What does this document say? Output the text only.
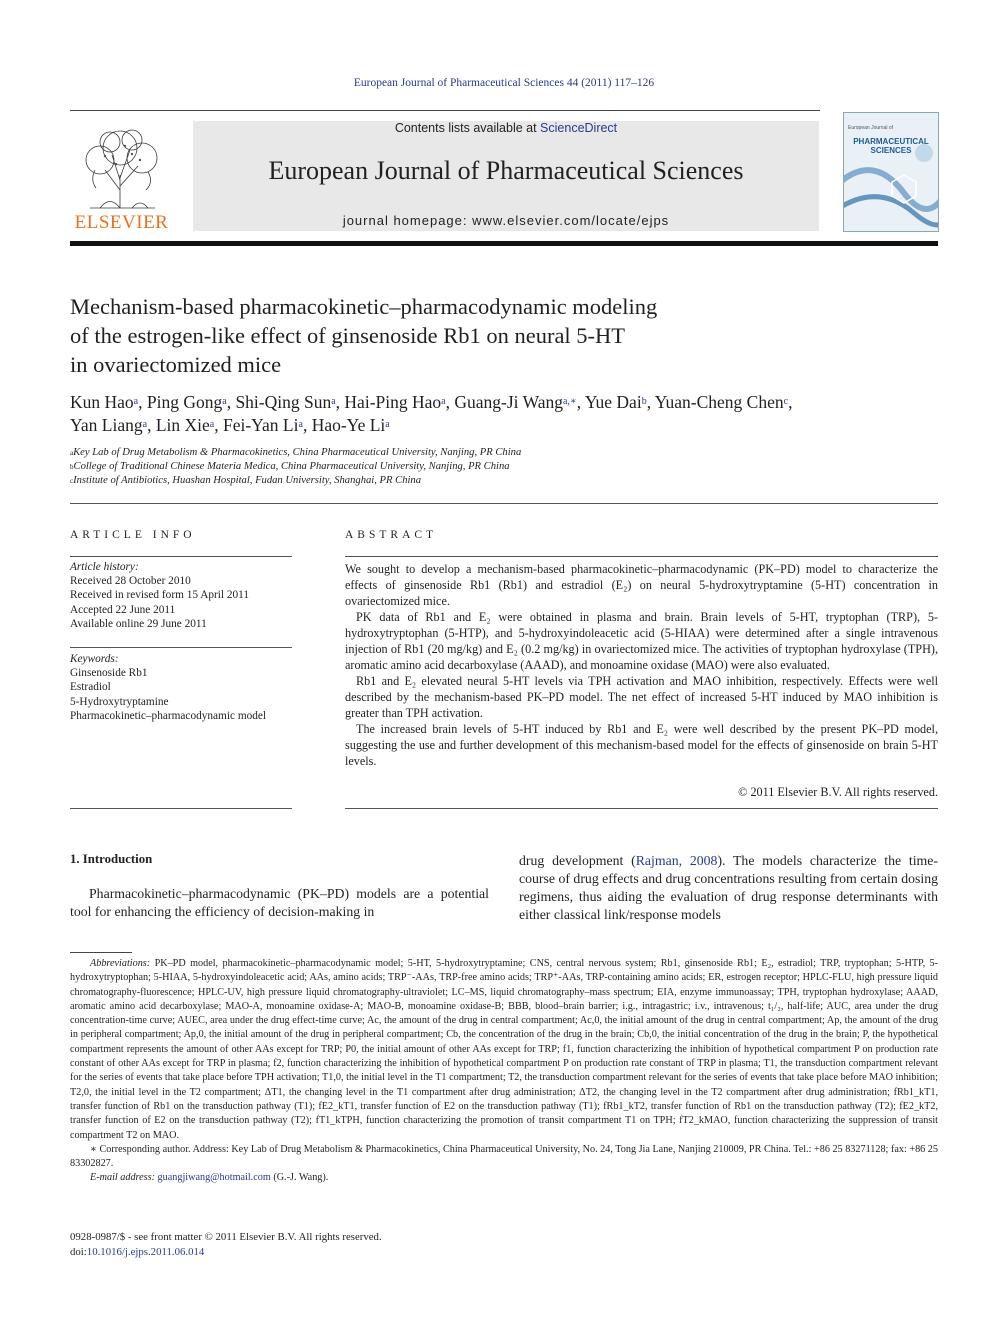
European Journal of Pharmaceutical Sciences 44 (2011) 117–126
ELSEVIER
Contents lists available at ScienceDirect
European Journal of Pharmaceutical Sciences
journal homepage: www.elsevier.com/locate/ejps
European Journal of
PHARMACEUTICAL
SCIENCES
Mechanism-based pharmacokinetic–pharmacodynamic modeling
of the estrogen-like effect of ginsenoside Rb1 on neural 5-HT
in ovariectomized mice
Kun Hao$^a$, Ping Gong$^a$, Shi-Qing Sun$^a$, Hai-Ping Hao$^a$, Guang-Ji Wang$^{a,∗}$, Yue Dai$^b$, Yuan-Cheng Chen$^c$,
Yan Liang$^a$, Lin Xie$^a$, Fei-Yan Li$^a$, Hao-Ye Li$^a$
$^a$Key Lab of Drug Metabolism & Pharmacokinetics, China Pharmaceutical University, Nanjing, PR China
$^b$College of Traditional Chinese Materia Medica, China Pharmaceutical University, Nanjing, PR China
$^c$Institute of Antibiotics, Huashan Hospital, Fudan University, Shanghai, PR China
ARTICLE INFO
Article history:
Received 28 October 2010
Received in revised form 15 April 2011
Accepted 22 June 2011
Available online 29 June 2011
Keywords:
Ginsenoside Rb1
Estradiol
5-Hydroxytryptamine
Pharmacokinetic–pharmacodynamic model
ABSTRACT

We sought to develop a mechanism-based pharmacokinetic–pharmacodynamic (PK–PD) model to characterize the effects of ginsenoside Rb1 (Rb1) and estradiol (E₂) on neural 5-hydroxytryptamine (5-HT) concentration in ovariectomized mice.

PK data of Rb1 and E₂ were obtained in plasma and brain. Brain levels of 5-HT, tryptophan (TRP), 5-hydroxytryptophan (5-HTP), and 5-hydroxyindoleacetic acid (5-HIAA) were determined after a single intravenous injection of Rb1 (20 mg/kg) and E₂ (0.2 mg/kg) in ovariectomized mice. The activities of tryptophan hydroxylase (TPH), aromatic amino acid decarboxylase (AAAD), and monoamine oxidase (MAO) were also evaluated.

Rb1 and E₂ elevated neural 5-HT levels via TPH activation and MAO inhibition, respectively. Effects were well described by the mechanism-based PK–PD model. The net effect of increased 5-HT induced by MAO inhibition is greater than TPH activation.

The increased brain levels of 5-HT induced by Rb1 and E₂ were well described by the present PK–PD model, suggesting the use and further development of this mechanism-based model for the effects of ginsenoside on brain 5-HT levels.

© 2011 Elsevier B.V. All rights reserved.
1. Introduction

Pharmacokinetic–pharmacodynamic (PK–PD) models are a potential tool for enhancing the efficiency of decision-making in

drug development (Rajman, 2008). The models characterize the time-course of drug effects and drug concentrations resulting from certain dosing regimens, thus aiding the evaluation of drug response determinants with either classical link/response models

Abbreviations: PK–PD model, pharmacokinetic–pharmacodynamic model; 5-HT, 5-hydroxytryptamine; CNS, central nervous system; Rb1, ginsenoside Rb1; E₂, estradiol; TRP, tryptophan; 5-HTP, 5-hydroxytryptophan; 5-HIAA, 5-hydroxyindoleacetic acid; AAs, amino acids; TRP⁻-AAs, TRP-free amino acids; TRP⁺-AAs, TRP-containing amino acids; ER, estrogen receptor; HPLC-FLU, high pressure liquid chromatography-fluorescence; HPLC-UV, high pressure liquid chromatography-ultraviolet; LC–MS, liquid chromatography–mass spectrum; EIA, enzyme immunoassay; TPH, tryptophan hydroxylase; AAAD, aromatic amino acid decarboxylase; MAO-A, monoamine oxidase-A; MAO-B, monoamine oxidase-B; BBB, blood–brain barrier; i.g., intragastric; i.v., intravenous; t₁/₂, half-life; AUC, area under the drug concentration-time curve; AUEC, area under the drug effect-time curve; Ac, the amount of the drug in central compartment; Ac,0, the initial amount of the drug in central compartment; Ap, the amount of the drug in peripheral compartment; Ap,0, the initial amount of the drug in peripheral compartment; Cb, the concentration of the drug in the brain; Cb,0, the initial concentration of the drug in the brain; P, the hypothetical compartment represents the amount of other AAs except for TRP; P0, the initial amount of other AAs except for TRP; f1, function characterizing the inhibition of hypothetical compartment P on production rate constant of other AAs except for TRP in plasma; f2, function characterizing the inhibition of hypothetical compartment P on production rate constant of TRP in plasma; T1, the transduction compartment relevant for the series of events that take place before TPH activation; T1,0, the initial level in the T1 compartment; T2, the transduction compartment relevant for the series of events that take place before MAO inhibition; T2,0, the initial level in the T2 compartment; ΔT1, the changing level in the T1 compartment after drug administration; ΔT2, the changing level in the T2 compartment after drug administration; fRb1_kT1, transfer function of Rb1 on the transduction pathway (T1); fE2_kT1, transfer function of E2 on the transduction pathway (T1); fRb1_kT2, transfer function of Rb1 on the transduction pathway (T2); fE2_kT2, transfer function of E2 on the transduction pathway (T2); fT1_kTPH, function characterizing the promotion of transit compartment T1 on TPH; fT2_kMAO, function characterizing the suppression of transit compartment T2 on MAO.

∗ Corresponding author. Address: Key Lab of Drug Metabolism & Pharmacokinetics, China Pharmaceutical University, No. 24, Tong Jia Lane, Nanjing 210009, PR China. Tel.: +86 25 83271128; fax: +86 25 83302827.

E-mail address: guangjiwang@hotmail.com (G.-J. Wang).

0928-0987/$ - see front matter © 2011 Elsevier B.V. All rights reserved.
doi:10.1016/j.ejps.2011.06.014
